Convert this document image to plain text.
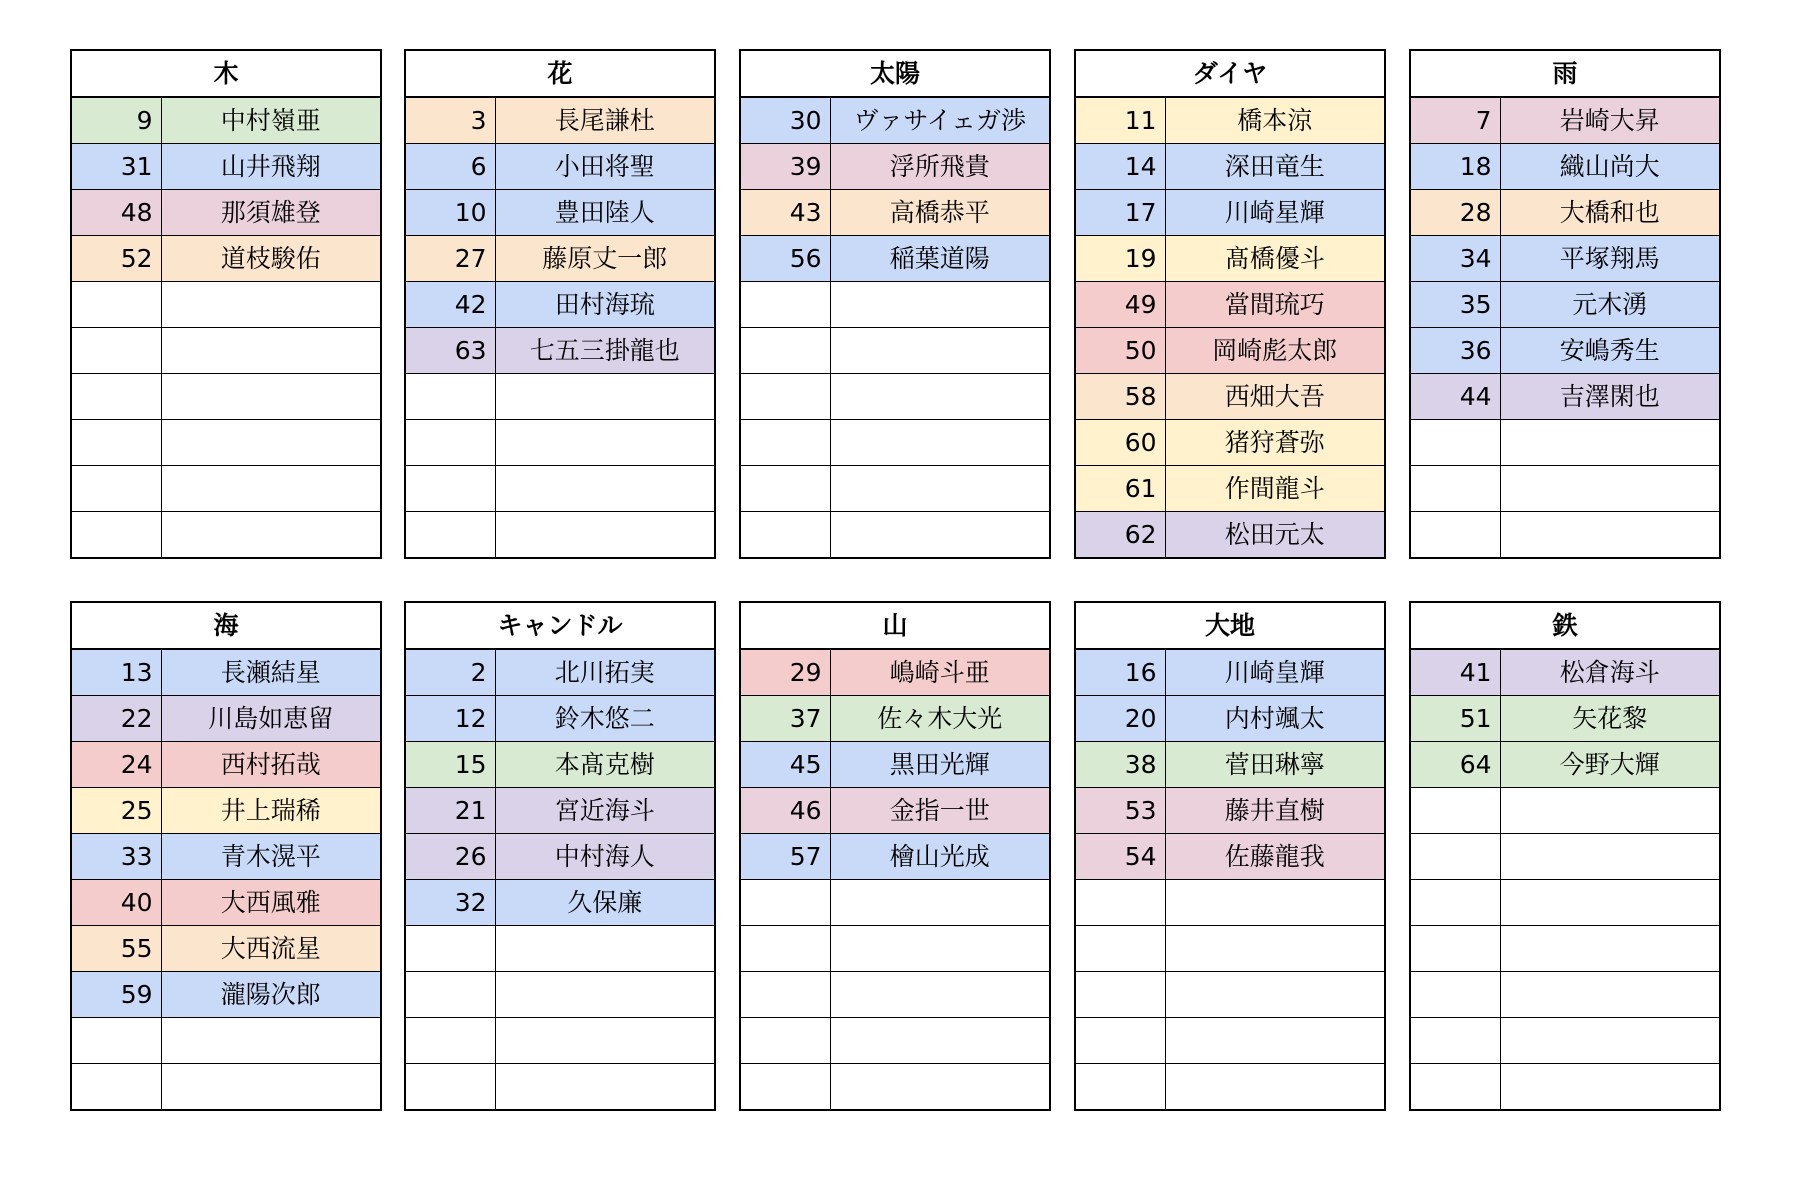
木	
9	中村嶺亜
31	山井飛翔
48	那須雄登
52	道枝駿佑

花	
3	長尾謙杜
6	小田将聖
10	豊田陸人
27	藤原丈一郎
42	田村海琉
63	七五三掛龍也

太陽	
30	ヴァサイェガ渉
39	浮所飛貴
43	高橋恭平
56	稲葉道陽

ダイヤ	
11	橋本涼
14	深田竜生
17	川崎星輝
19	髙橋優斗
49	當間琉巧
50	岡崎彪太郎
58	西畑大吾
60	猪狩蒼弥
61	作間龍斗
62	松田元太
雨	
7	岩崎大昇
18	織山尚大
28	大橋和也
34	平塚翔馬
35	元木湧
36	安嶋秀生
44	吉澤閑也

海	
13	長瀬結星
22	川島如恵留
24	西村拓哉
25	井上瑞稀
33	青木滉平
40	大西風雅
55	大西流星
59	瀧陽次郎

キャンドル	
2	北川拓実
12	鈴木悠二
15	本髙克樹
21	宮近海斗
26	中村海人
32	久保廉

山	
29	嶋崎斗亜
37	佐々木大光
45	黒田光輝
46	金指一世
57	檜山光成

大地	
16	川崎皇輝
20	内村颯太
38	菅田琳寧
53	藤井直樹
54	佐藤龍我

鉄	
41	松倉海斗
51	矢花黎
64	今野大輝
